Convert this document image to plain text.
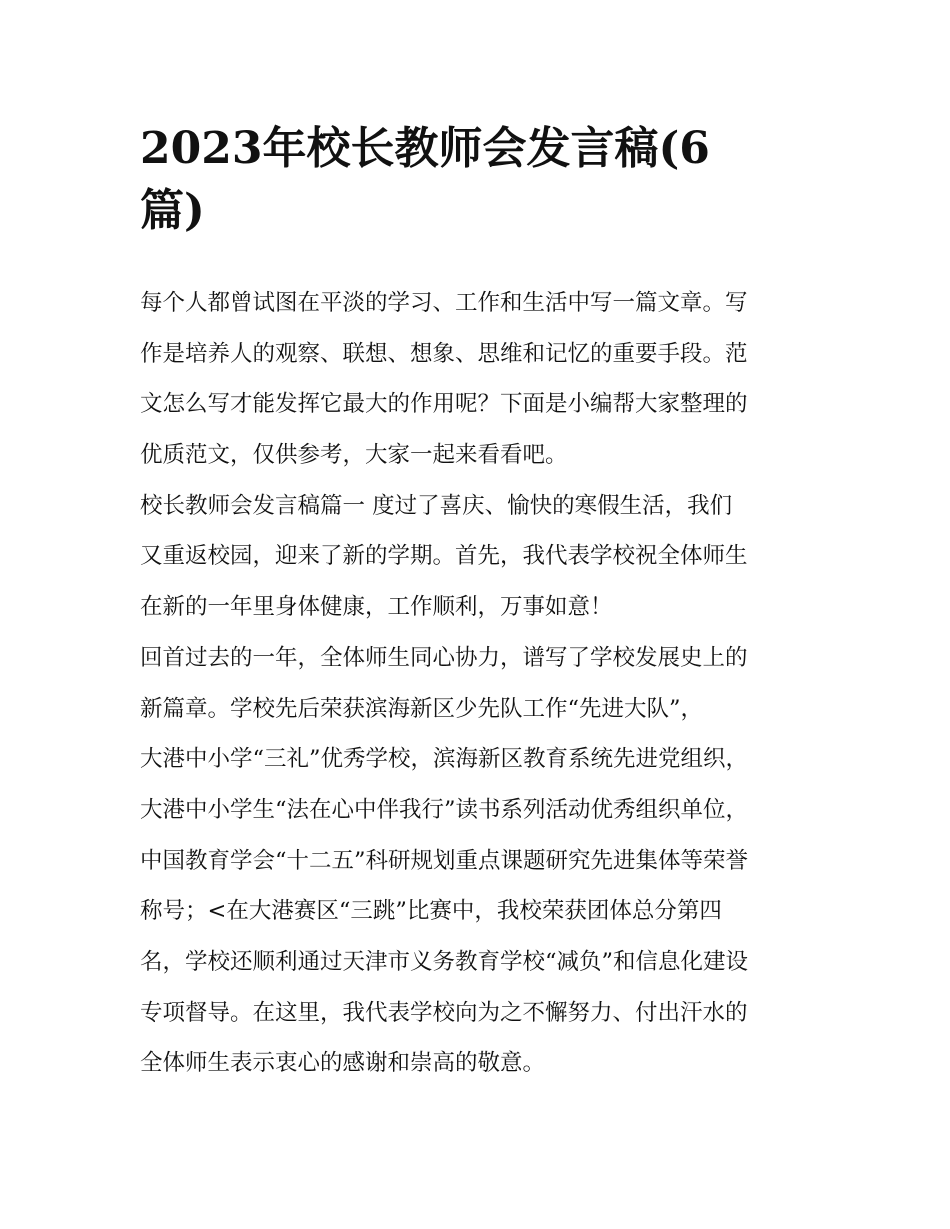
2023年校长教师会发言稿(6
篇)
每个人都曾试图在平淡的学习、工作和生活中写一篇文章。写
作是培养人的观察、联想、想象、思维和记忆的重要手段。范
文怎么写才能发挥它最大的作用呢？下面是小编帮大家整理的
优质范文，仅供参考，大家一起来看看吧。
校长教师会发言稿篇一 度过了喜庆、愉快的寒假生活，我们
又重返校园，迎来了新的学期。首先，我代表学校祝全体师生
在新的一年里身体健康，工作顺利，万事如意！
回首过去的一年，全体师生同心协力，谱写了学校发展史上的
新篇章。学校先后荣获滨海新区少先队工作“先进大队”，
大港中小学“三礼”优秀学校，滨海新区教育系统先进党组织，
大港中小学生“法在心中伴我行”读书系列活动优秀组织单位，
中国教育学会“十二五”科研规划重点课题研究先进集体等荣誉
称号；<在大港赛区“三跳”比赛中，我校荣获团体总分第四
名，学校还顺利通过天津市义务教育学校“减负”和信息化建设
专项督导。在这里，我代表学校向为之不懈努力、付出汗水的
全体师生表示衷心的感谢和崇高的敬意。
